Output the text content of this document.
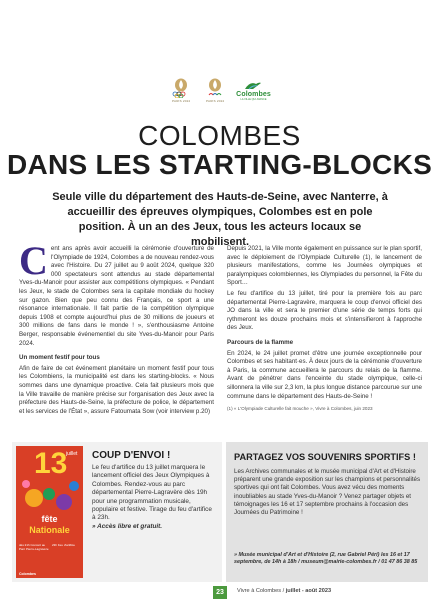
PARIS 2024	PARIS 2024
Colombes
LA VILLE QUI AVANCE
COLOMBES
DANS LES STARTING-BLOCKS
Seule ville du département des Hauts-de-Seine, avec Nanterre, à accueillir des épreuves olympiques, Colombes est en pole position. À un an des Jeux, tous les acteurs locaux se mobilisent.

Cent ans après avoir accueilli la cérémonie d'ouverture de l'Olympiade de 1924, Colombes a de nouveau rendez-vous avec l'Histoire. Du 27 juillet au 9 août 2024, quelque 320 000 spectateurs sont attendus au stade départemental Yves-du-Manoir pour assister aux compétitions olympiques. « Pendant les Jeux, le stade de Colombes sera la capitale mondiale du hockey sur gazon. Bien que peu connu des Français, ce sport a une résonance internationale. Il fait partie de la compétition olympique depuis 1908 et compte aujourd'hui plus de 30 millions de joueurs et 300 millions de fans dans le monde ! », s'enthousiasme Antoine Berger, responsable événementiel du site Yves-du-Manoir pour Paris 2024.

Un moment festif pour tous

Afin de faire de cet événement planétaire un moment festif pour tous les Colombiens, la municipalité est dans les starting-blocks. « Nous sommes dans une dynamique proactive. Cela fait plusieurs mois que la Ville travaille de manière précise sur l'organisation des Jeux avec la préfecture des Hauts-de-Seine, la préfecture de police, le département et les services de l'État », assure Fatoumata Sow (voir interview p.20)

Depuis 2021, la Ville monte également en puissance sur le plan sportif, avec le déploiement de l'Olympiade Culturelle (1), le lancement de plusieurs manifestations, comme les Journées olympiques et paralympiques colombiennes, les Olympiades du personnel, la Fête du Sport…

Le feu d'artifice du 13 juillet, tiré pour la première fois au parc départemental Pierre-Lagravère, marquera le coup d'envoi officiel des JO dans la ville et sera le premier d'une série de temps forts qui rythmeront les douze prochains mois et s'intensifieront à l'approche des Jeux.

Parcours de la flamme

En 2024, le 24 juillet promet d'être une journée exceptionnelle pour Colombes et ses habitant·es. À deux jours de la cérémonie d'ouverture à Paris, la commune accueillera le parcours du relais de la flamme. Avant de pénétrer dans l'enceinte du stade olympique, celle-ci sillonnera la ville sur 2,3 km, la plus longue distance parcourue sur une commune dans le département des Hauts-de-Seine !

(1) « L'Olympiade Culturelle fait mouche », Vivre à Colombes, juin 2023

13
juillet
fête
Nationale
dès 21h Concert au Parc Pierre-Lagravère
23h Feu d'artifice
Colombes
COUP D'ENVOI !
Le feu d'artifice du 13 juillet marquera le lancement officiel des Jeux Olympiques à Colombes. Rendez-vous au parc départemental Pierre-Lagravère dès 19h pour une programmation musicale, populaire et festive. Tirage du feu d'artifice à 23h.
» Accès libre et gratuit.
PARTAGEZ VOS SOUVENIRS SPORTIFS !
Les Archives communales et le musée municipal d'Art et d'Histoire préparent une grande exposition sur les champions et personnalités sportives qui ont fait Colombes. Vous avez vécu des moments inoubliables au stade Yves-du-Manoir ? Venez partager objets et témoignages les 16 et 17 septembre prochains à l'occasion des Journées du Patrimoine !
» Musée municipal d'Art et d'Histoire (2, rue Gabriel Péri) les 16 et 17 septembre, de 14h à 18h / museum@mairie-colombes.fr / 01 47 86 38 85
23	Vivre à Colombes / juillet - août 2023
